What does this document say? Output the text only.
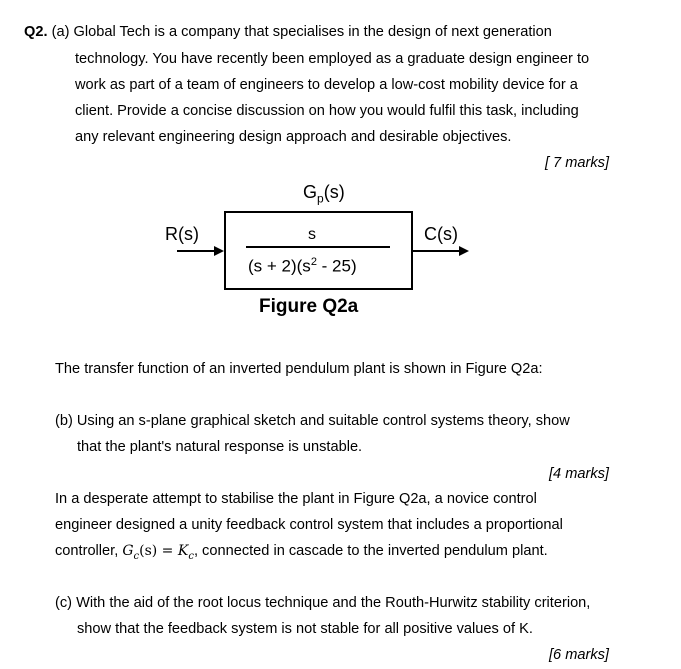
Q2. (a) Global Tech is a company that specialises in the design of next generation
technology. You have recently been employed as a graduate design engineer to
work as part of a team of engineers to develop a low-cost mobility device for a
client. Provide a concise discussion on how you would fulfil this task, including
any relevant engineering design approach and desirable objectives.
[ 7 marks]
$G_p(s)$
R(s)	C(s)
s
$(s + 2)(s^2 - 25)$
Figure Q2a
The transfer function of an inverted pendulum plant is shown in Figure Q2a:
(b) Using an s-plane graphical sketch and suitable control systems theory, show
that the plant's natural response is unstable.
[4 marks]
In a desperate attempt to stabilise the plant in Figure Q2a, a novice control
engineer designed a unity feedback control system that includes a proportional
controller, $G_c(s) = K_c$, connected in cascade to the inverted pendulum plant.
(c) With the aid of the root locus technique and the Routh-Hurwitz stability criterion,
show that the feedback system is not stable for all positive values of K.
[6 marks]
